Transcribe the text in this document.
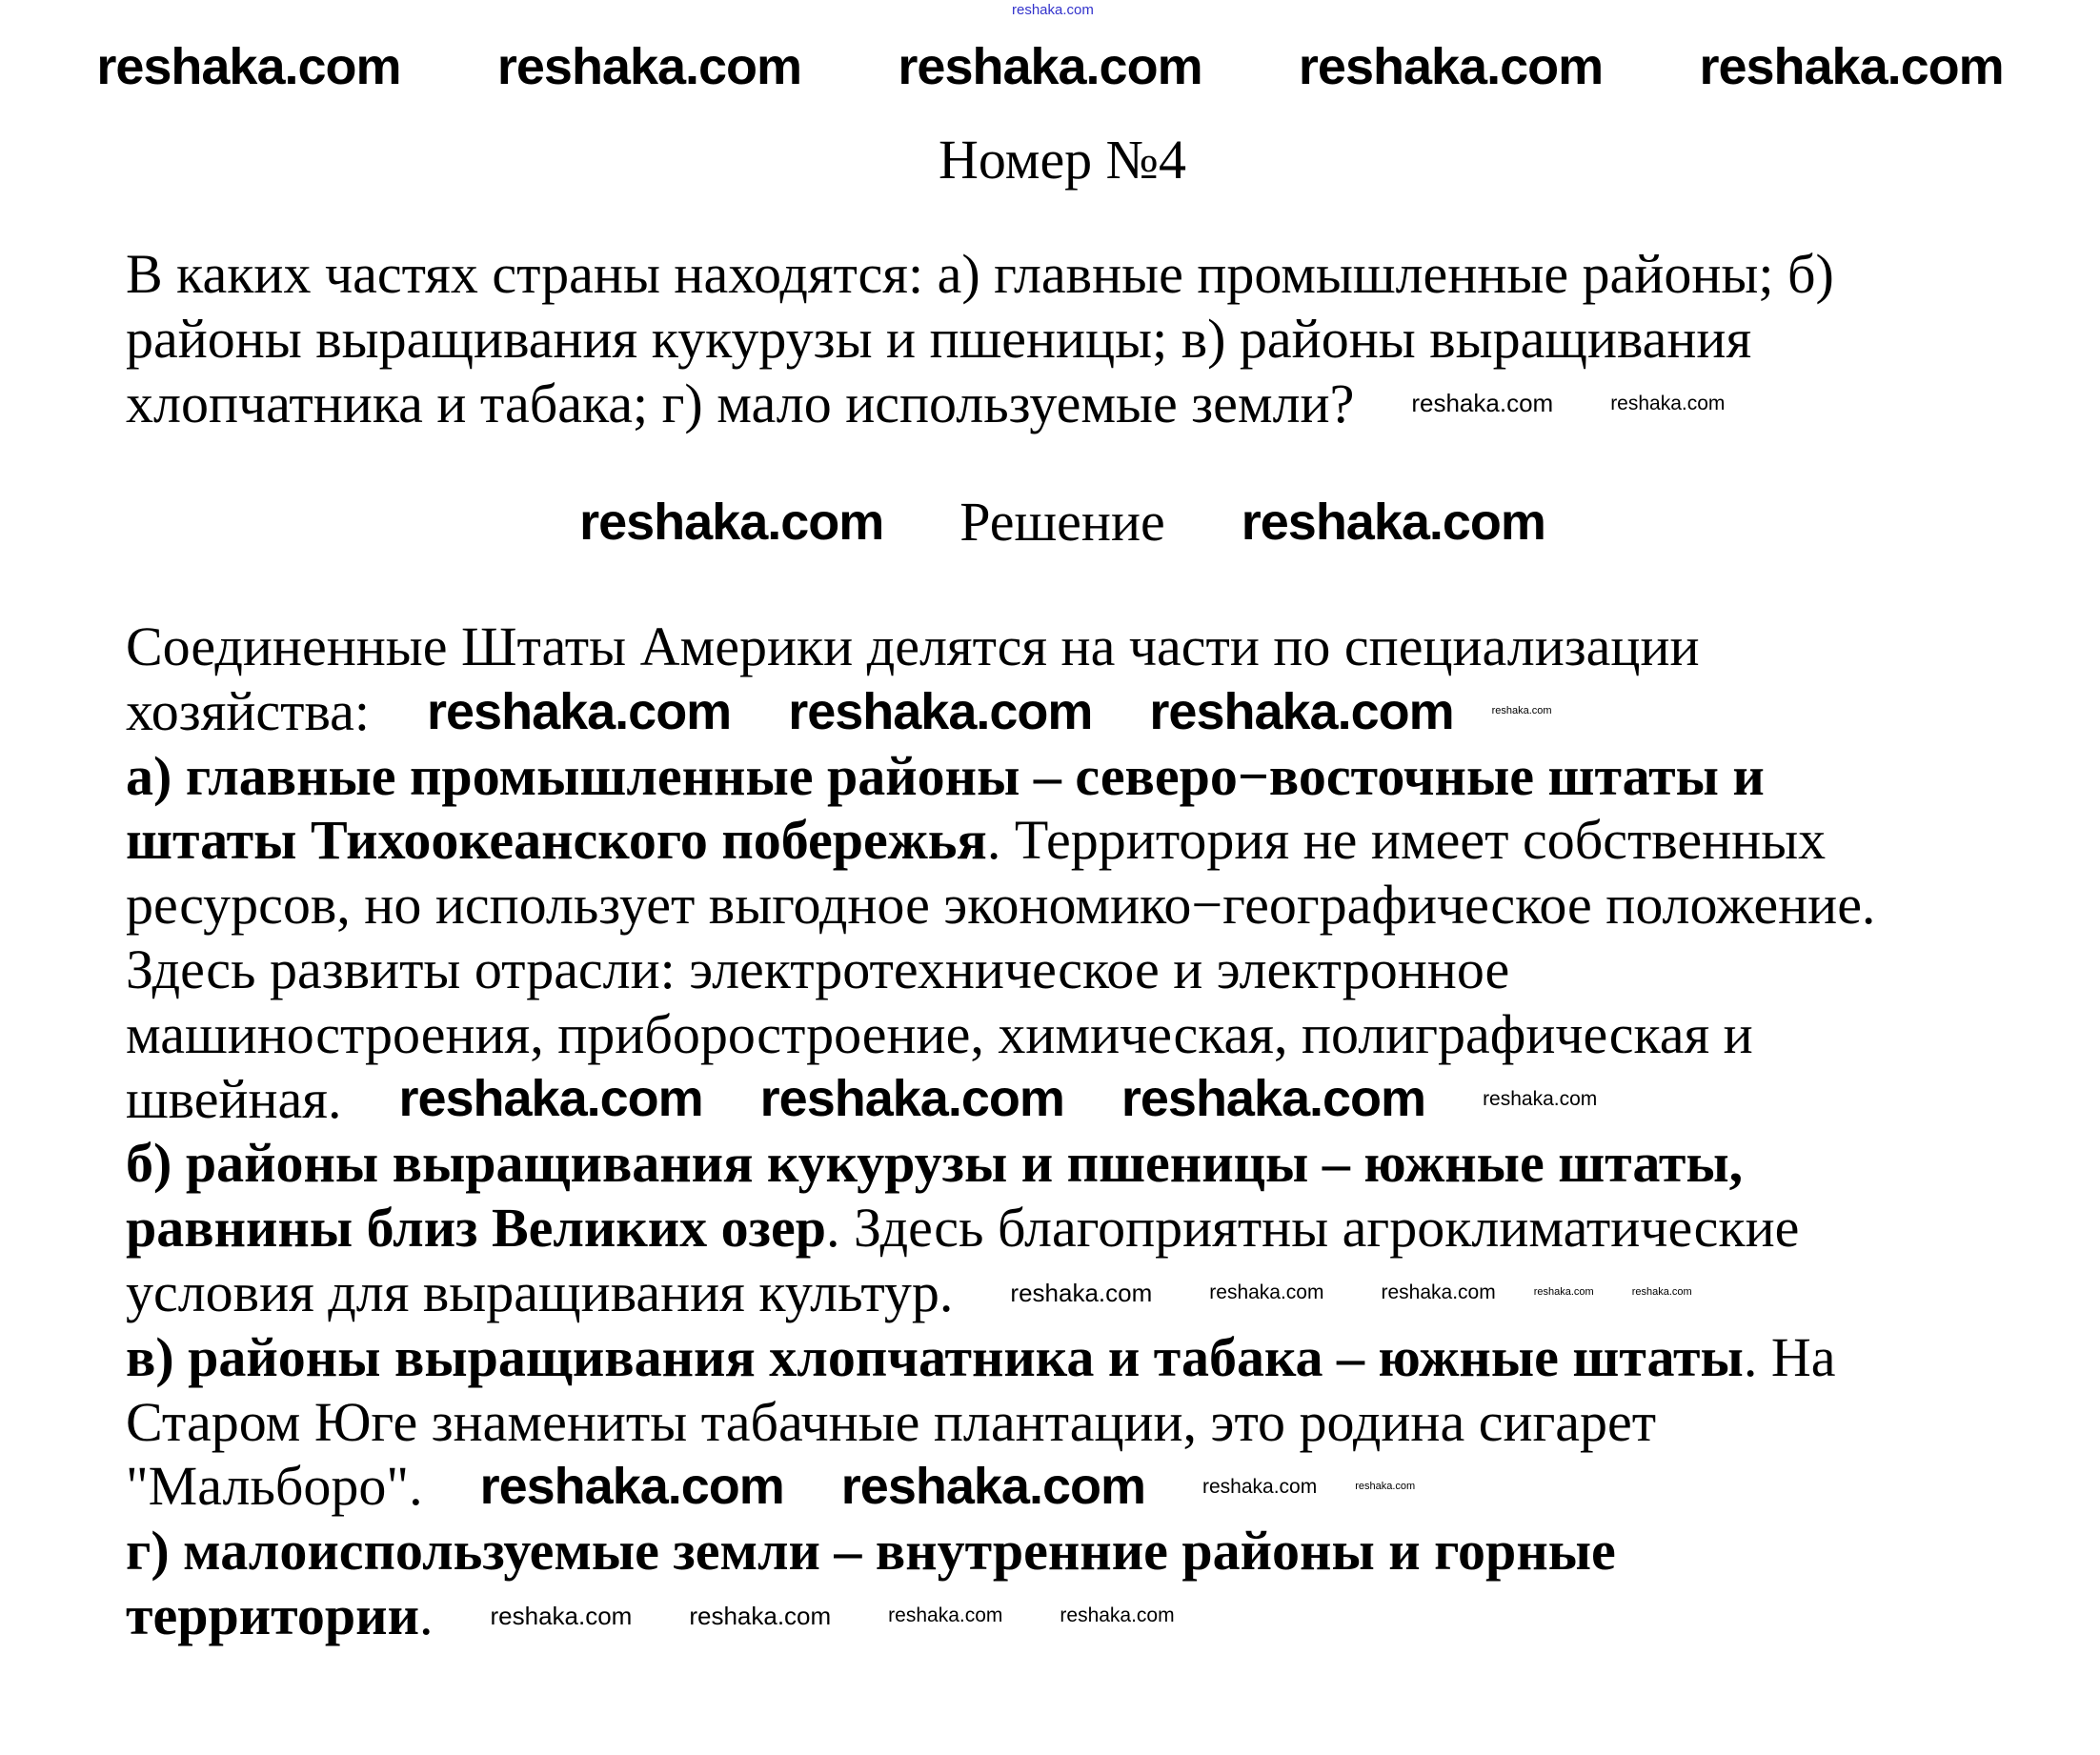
reshaka.com
reshaka.com reshaka.com reshaka.com reshaka.com reshaka.com
Номер №4
В каких частях страны находятся: а) главные промышленные районы; б)
районы выращивания кукурузы и пшеницы; в) районы выращивания
хлопчатника и табака; г) мало используемые земли? reshaka.com	reshaka.com
reshaka.com Решение reshaka.com
Соединенные Штаты Америки делятся на части по специализации
хозяйства: reshaka.com reshaka.com reshaka.com	reshaka.com
а) главные промышленные районы – северо−восточные штаты и
штаты Тихоокеанского побережья. Территория не имеет собственных
ресурсов, но использует выгодное экономико−географическое положение.
Здесь развиты отрасли: электротехническое и электронное
машиностроения, приборостроение, химическая, полиграфическая и
швейная. reshaka.com reshaka.com reshaka.com	reshaka.com
б) районы выращивания кукурузы и пшеницы – южные штаты,
равнины близ Великих озер. Здесь благоприятны агроклиматические
условия для выращивания культур. reshaka.com	reshaka.com	reshaka.com	reshaka.com	reshaka.com
в) районы выращивания хлопчатника и табака – южные штаты. На
Старом Юге знамениты табачные плантации, это родина сигарет
"Мальборо". reshaka.com reshaka.com	reshaka.com	reshaka.com
г) малоиспользуемые земли – внутренние районы и горные
территории. reshaka.com reshaka.com	reshaka.com	reshaka.com
